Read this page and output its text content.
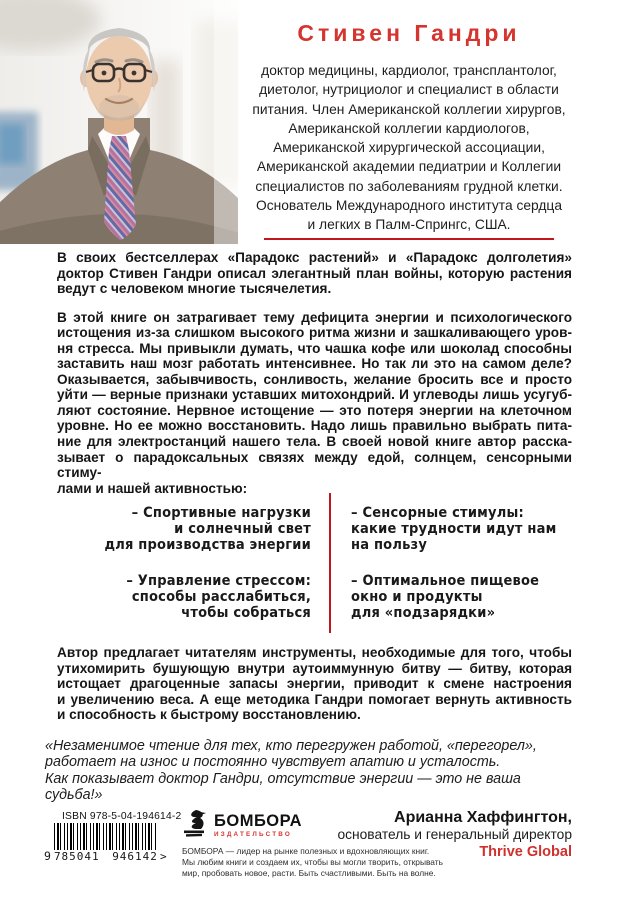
Стивен Гандри

доктор медицины, кардиолог, трансплантолог,
диетолог, нутрициолог и специалист в области
питания. Член Американской коллегии хирургов,
Американской коллегии кардиологов,
Американской хирургической ассоциации,
Американской академии педиатрии и Коллегии
специалистов по заболеваниям грудной клетки.
Основатель Международного института сердца
и легких в Палм-Спрингс, США.

В своих бестселлерах «Парадокс растений» и «Парадокс долголетия»
доктор Стивен Гандри описал элегантный план войны, которую растения
ведут с человеком многие тысячелетия.

В этой книге он затрагивает тему дефицита энергии и психологического
истощения из-за слишком высокого ритма жизни и зашкаливающего уров-
ня стресса. Мы привыкли думать, что чашка кофе или шоколад способны
заставить наш мозг работать интенсивнее. Но так ли это на самом деле?
Оказывается, забывчивость, сонливость, желание бросить все и просто
уйти — верные признаки уставших митохондрий. И углеводы лишь усугуб-
ляют состояние. Нервное истощение — это потеря энергии на клеточном
уровне. Но ее можно восстановить. Надо лишь правильно выбрать пита-
ние для электростанций нашего тела. В своей новой книге автор расска-
зывает о парадоксальных связях между едой, солнцем, сенсорными стиму-
лами и нашей активностью:

– Спортивные нагрузки
и солнечный свет
для производства энергии
– Управление стрессом:
способы расслабиться,
чтобы собраться
– Сенсорные стимулы:
какие трудности идут нам
на пользу
– Оптимальное пищевое
окно и продукты
для «подзарядки»

Автор предлагает читателям инструменты, необходимые для того, чтобы
утихомирить бушующую внутри аутоиммунную битву — битву, которая
истощает драгоценные запасы энергии, приводит к смене настроения
и увеличению веса. А еще методика Гандри помогает вернуть активность
и способность к быстрому восстановлению.

«Незаменимое чтение для тех, кто перегружен работой, «перегорел»,
работает на износ и постоянно чувствует апатию и усталость.
Как показывает доктор Гандри, отсутствие энергии — это не ваша судьба!»

Арианна Хаффингтон,
основатель и генеральный директор
Thrive Global
ISBN 978-5-04-194614-2
9 785041 946142 >
БОМБОРА
ИЗДАТЕЛЬСТВО

БОМБОРА — лидер на рынке полезных и вдохновляющих книг.
Мы любим книги и создаем их, чтобы вы могли творить, открывать
мир, пробовать новое, расти. Быть счастливыми. Быть на волне.
